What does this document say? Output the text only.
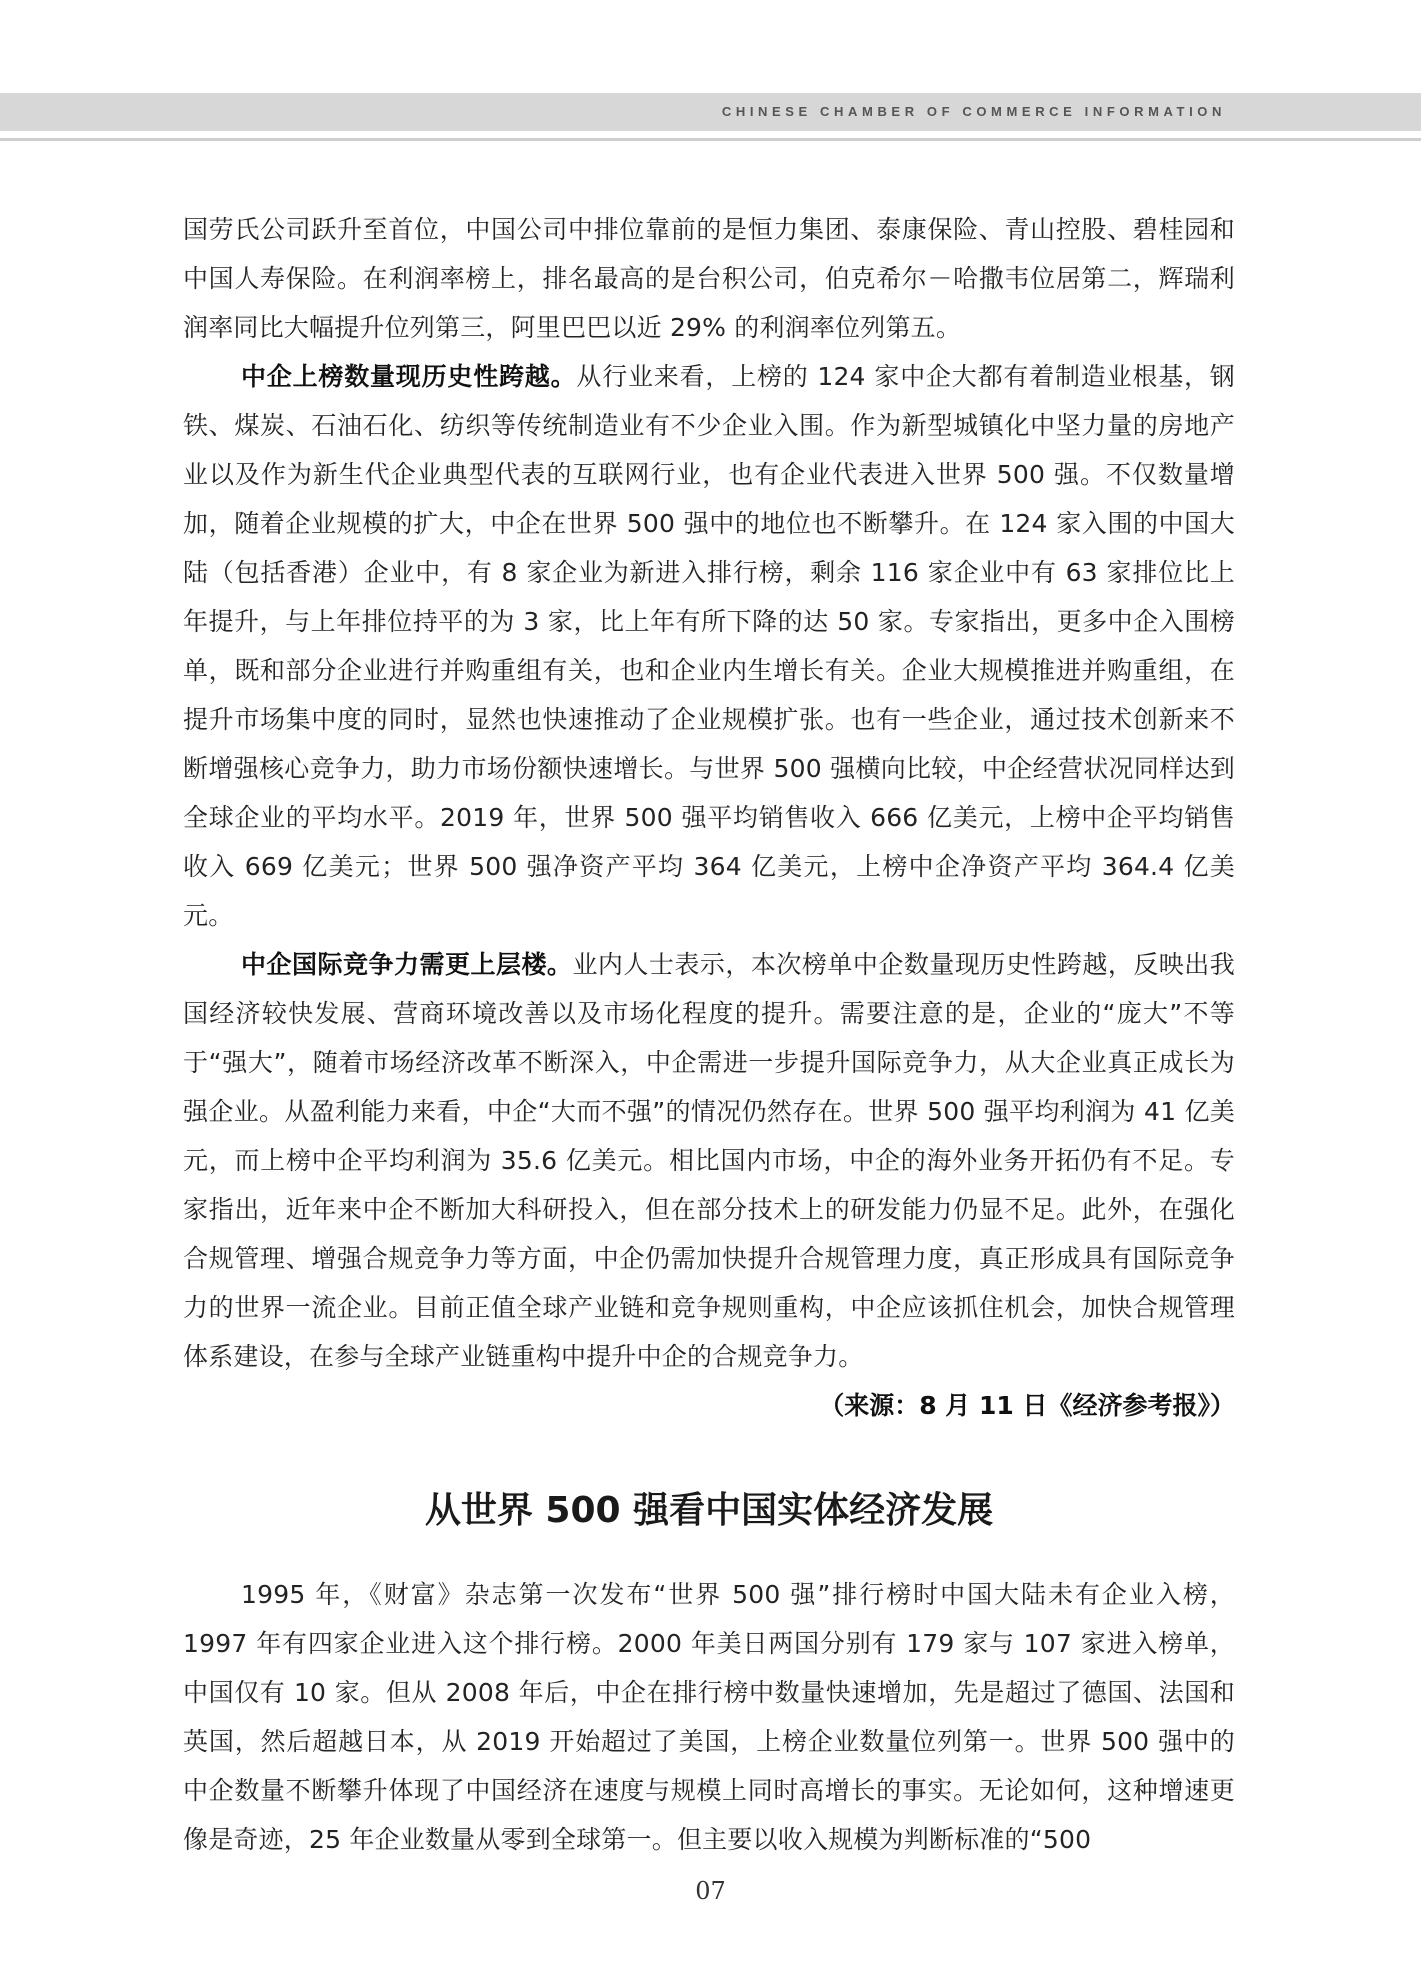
CHINESE CHAMBER OF COMMERCE INFORMATION

国劳氏公司跃升至首位，中国公司中排位靠前的是恒力集团、泰康保险、青山控股、碧桂园和中国人寿保险。在利润率榜上，排名最高的是台积公司，伯克希尔－哈撒韦位居第二，辉瑞利润率同比大幅提升位列第三，阿里巴巴以近 29% 的利润率位列第五。

中企上榜数量现历史性跨越。从行业来看，上榜的 124 家中企大都有着制造业根基，钢铁、煤炭、石油石化、纺织等传统制造业有不少企业入围。作为新型城镇化中坚力量的房地产业以及作为新生代企业典型代表的互联网行业，也有企业代表进入世界 500 强。不仅数量增加，随着企业规模的扩大，中企在世界 500 强中的地位也不断攀升。在 124 家入围的中国大陆（包括香港）企业中，有 8 家企业为新进入排行榜，剩余 116 家企业中有 63 家排位比上年提升，与上年排位持平的为 3 家，比上年有所下降的达 50 家。专家指出，更多中企入围榜单，既和部分企业进行并购重组有关，也和企业内生增长有关。企业大规模推进并购重组，在提升市场集中度的同时，显然也快速推动了企业规模扩张。也有一些企业，通过技术创新来不断增强核心竞争力，助力市场份额快速增长。与世界 500 强横向比较，中企经营状况同样达到全球企业的平均水平。2019 年，世界 500 强平均销售收入 666 亿美元，上榜中企平均销售收入 669 亿美元；世界 500 强净资产平均 364 亿美元，上榜中企净资产平均 364.4 亿美元。

中企国际竞争力需更上层楼。业内人士表示，本次榜单中企数量现历史性跨越，反映出我国经济较快发展、营商环境改善以及市场化程度的提升。需要注意的是，企业的“庞大”不等于“强大”，随着市场经济改革不断深入，中企需进一步提升国际竞争力，从大企业真正成长为强企业。从盈利能力来看，中企“大而不强”的情况仍然存在。世界 500 强平均利润为 41 亿美元，而上榜中企平均利润为 35.6 亿美元。相比国内市场，中企的海外业务开拓仍有不足。专家指出，近年来中企不断加大科研投入，但在部分技术上的研发能力仍显不足。此外，在强化合规管理、增强合规竞争力等方面，中企仍需加快提升合规管理力度，真正形成具有国际竞争力的世界一流企业。目前正值全球产业链和竞争规则重构，中企应该抓住机会，加快合规管理体系建设，在参与全球产业链重构中提升中企的合规竞争力。

（来源：8 月 11 日《经济参考报》）

从世界 500 强看中国实体经济发展

1995 年，《财富》杂志第一次发布“世界 500 强”排行榜时中国大陆未有企业入榜，1997 年有四家企业进入这个排行榜。2000 年美日两国分别有 179 家与 107 家进入榜单，中国仅有 10 家。但从 2008 年后，中企在排行榜中数量快速增加，先是超过了德国、法国和英国，然后超越日本，从 2019 开始超过了美国，上榜企业数量位列第一。世界 500 强中的中企数量不断攀升体现了中国经济在速度与规模上同时高增长的事实。无论如何，这种增速更像是奇迹，25 年企业数量从零到全球第一。但主要以收入规模为判断标准的“500

07
